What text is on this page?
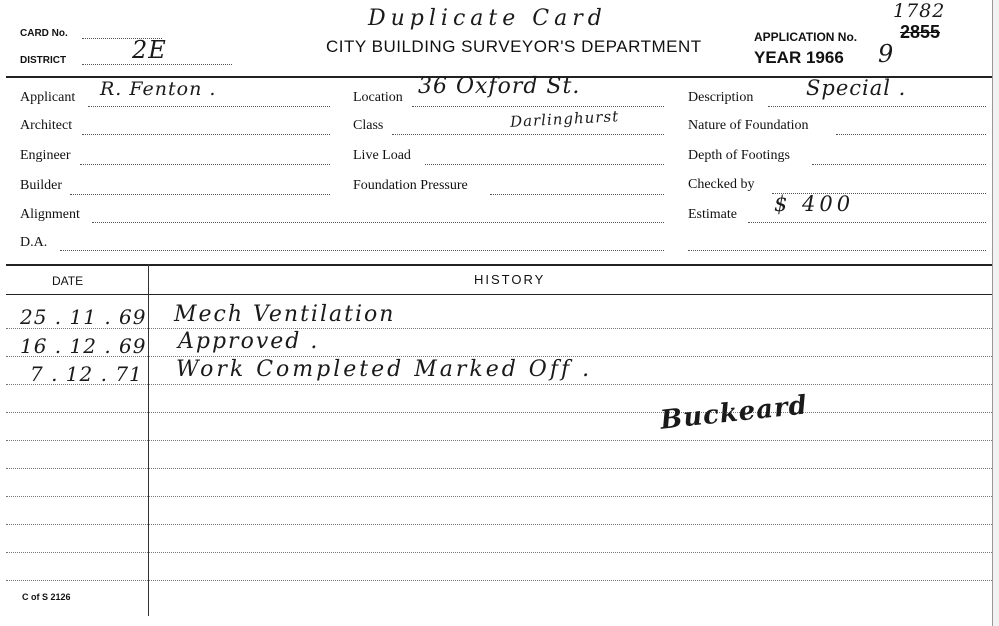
CARD No.
DISTRICT	2E
Duplicate Card
CITY BUILDING SURVEYOR'S DEPARTMENT
1782
APPLICATION No. 2855
YEAR 1966 9
Applicant R. Fenton .
Architect
Engineer
Builder
Alignment
D.A.
Location 36 Oxford St.
Class	Darlinghurst
Live Load
Foundation Pressure
Description	Special .
Nature of Foundation
Depth of Footings
Checked by
Estimate $ 400
DATE	HISTORY
25 . 11 . 69 Mech Ventilation
16 . 12 . 69 Approved .
7 . 12 . 71 Work Completed Marked Off .
Buckeard
C of S 2126
